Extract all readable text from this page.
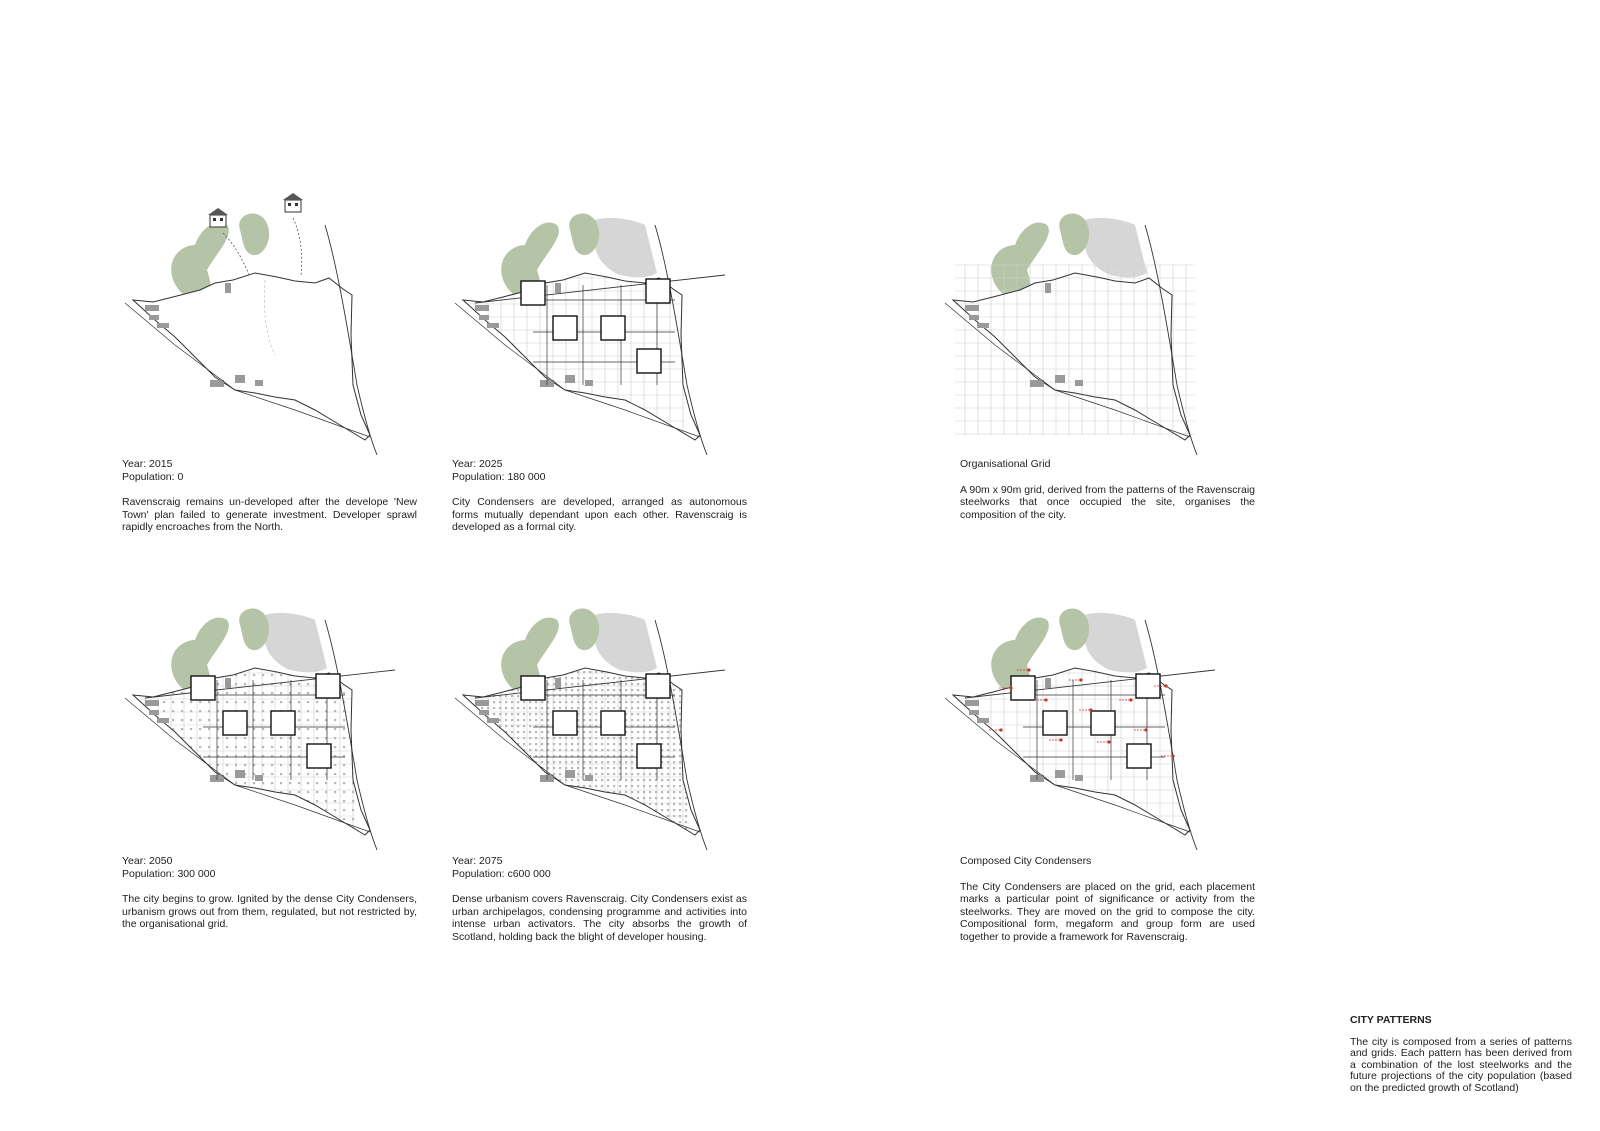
Year: 2015
Population: 0
Ravenscraig remains un-developed after the develope 'New Town' plan failed to generate investment. Developer sprawl rapidly encroaches from the North.
Year: 2025
Population: 180 000
City Condensers are developed, arranged as autonomous forms mutually dependant upon each other. Ravenscraig is developed as a formal city.
Organisational Grid
A 90m x 90m grid, derived from the patterns of the Ravenscraig steelworks that once occupied the site, organises the composition of the city.
Year: 2050
Population: 300 000
The city begins to grow. Ignited by the dense City Condensers, urbanism grows out from them, regulated, but not restricted by, the organisational grid.
Year: 2075
Population: c600 000
Dense urbanism covers Ravenscraig. City Condensers exist as urban archipelagos, condensing programme and activities into intense urban activators. The city absorbs the growth of Scotland, holding back the blight of developer housing.
Composed City Condensers
The City Condensers are placed on the grid, each placement marks a particular point of significance or activity from the steelworks. They are moved on the grid to compose the city. Compositional form, megaform and group form are used together to provide a framework for Ravenscraig.
CITY PATTERNS
The city is composed from a series of patterns and grids. Each pattern has been derived from a combination of the lost steelworks and the future projections of the city population (based on the predicted growth of Scotland)
